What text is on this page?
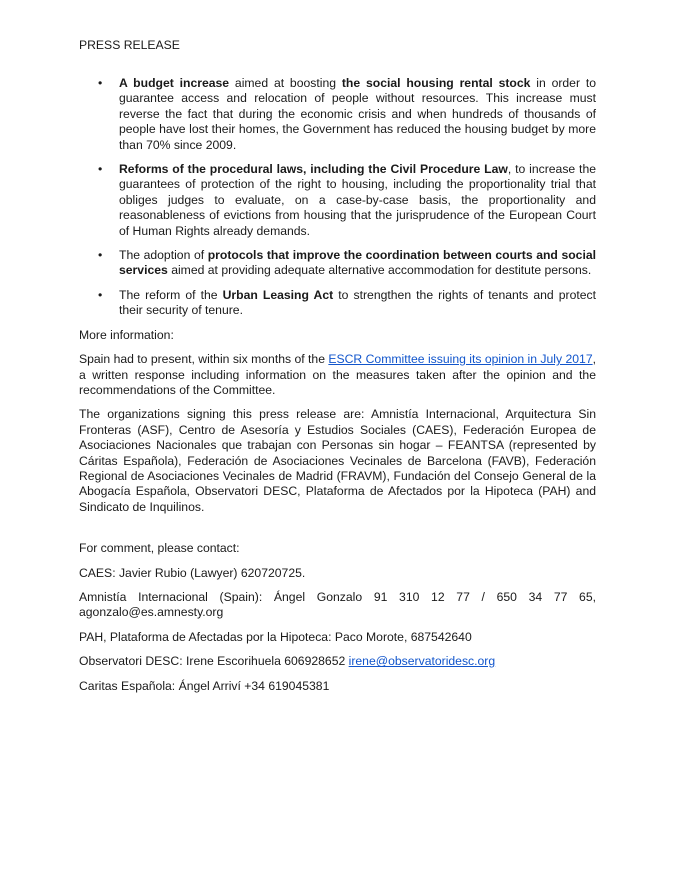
PRESS RELEASE
• A budget increase aimed at boosting the social housing rental stock in order to guarantee access and relocation of people without resources. This increase must reverse the fact that during the economic crisis and when hundreds of thousands of people have lost their homes, the Government has reduced the housing budget by more than 70% since 2009.
• Reforms of the procedural laws, including the Civil Procedure Law, to increase the guarantees of protection of the right to housing, including the proportionality trial that obliges judges to evaluate, on a case-by-case basis, the proportionality and reasonableness of evictions from housing that the jurisprudence of the European Court of Human Rights already demands.
• The adoption of protocols that improve the coordination between courts and social services aimed at providing adequate alternative accommodation for destitute persons.
• The reform of the Urban Leasing Act to strengthen the rights of tenants and protect their security of tenure.

More information:

Spain had to present, within six months of the ESCR Committee issuing its opinion in July 2017, a written response including information on the measures taken after the opinion and the recommendations of the Committee.

The organizations signing this press release are: Amnistía Internacional, Arquitectura Sin Fronteras (ASF), Centro de Asesoría y Estudios Sociales (CAES), Federación Europea de Asociaciones Nacionales que trabajan con Personas sin hogar – FEANTSA (represented by Cáritas Española), Federación de Asociaciones Vecinales de Barcelona (FAVB), Federación Regional de Asociaciones Vecinales de Madrid (FRAVM), Fundación del Consejo General de la Abogacía Española, Observatori DESC, Plataforma de Afectados por la Hipoteca (PAH) and Sindicato de Inquilinos.

For comment, please contact:

CAES: Javier Rubio (Lawyer) 620720725.

Amnistía Internacional (Spain): Ángel Gonzalo 91 310 12 77 / 650 34 77 65, agonzalo@es.amnesty.org

PAH, Plataforma de Afectadas por la Hipoteca: Paco Morote, 687542640

Observatori DESC: Irene Escorihuela 606928652 irene@observatoridesc.org

Caritas Española: Ángel Arriví +34 619045381
